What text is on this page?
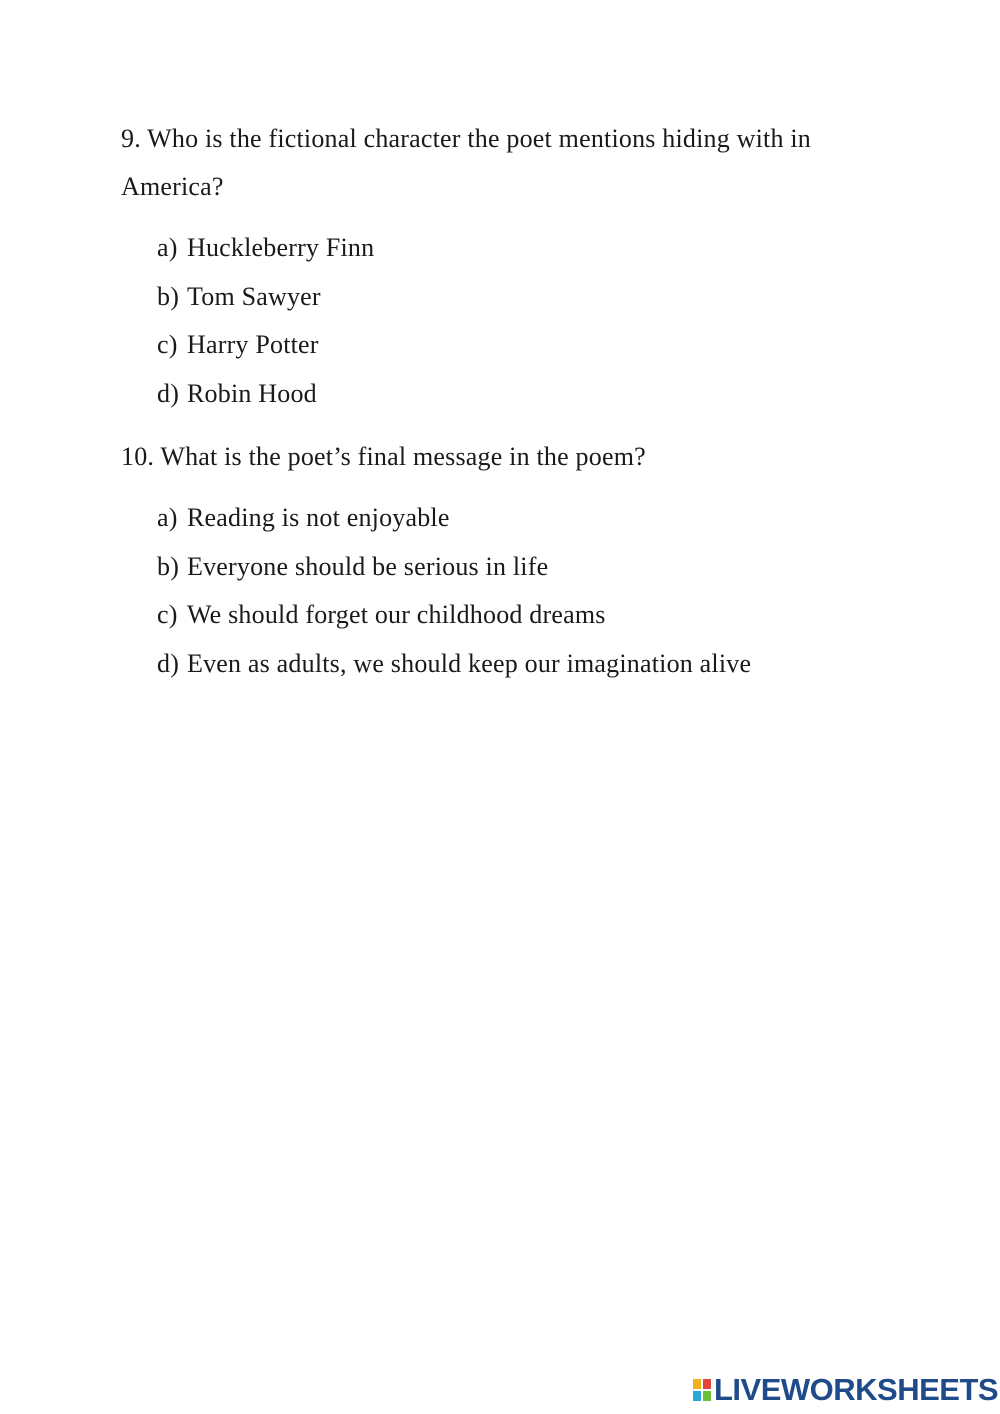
9. Who is the fictional character the poet mentions hiding with in America?
a) Huckleberry Finn
b) Tom Sawyer
c) Harry Potter
d) Robin Hood
10. What is the poet’s final message in the poem?
a) Reading is not enjoyable
b) Everyone should be serious in life
c) We should forget our childhood dreams
d) Even as adults, we should keep our imagination alive
LIVEWORKSHEETS
